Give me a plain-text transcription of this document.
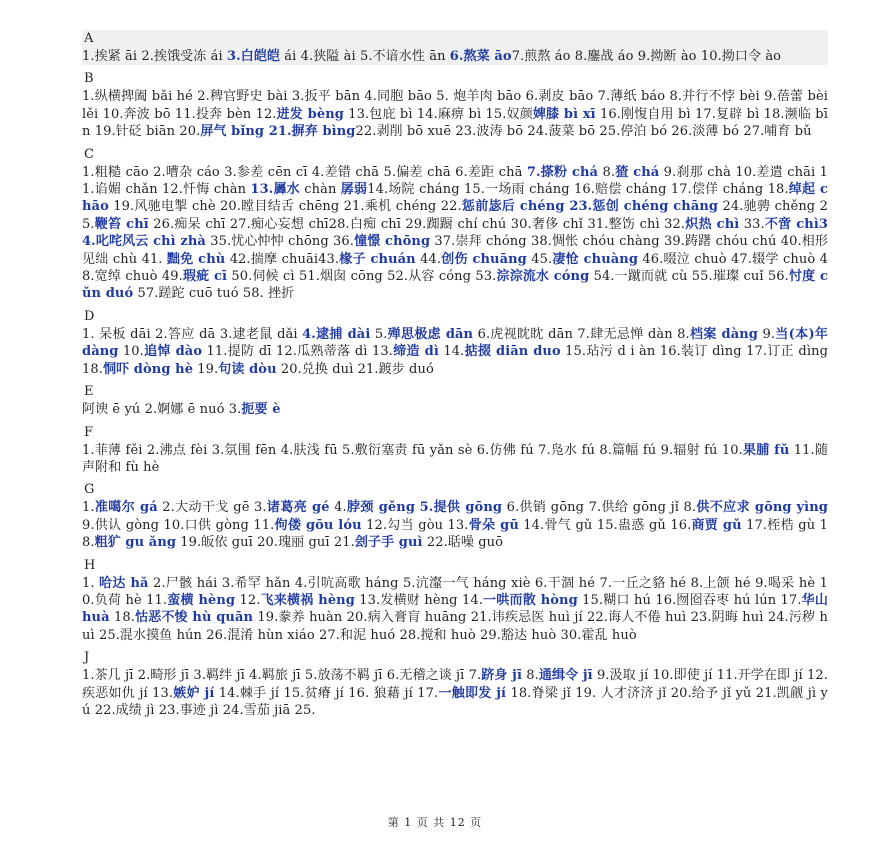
A
1.挨紧 āi 2.挨饿受冻 ái 3.白皑皑 ái 4.狭隘 ài 5.不谙水性 ān 6.熬菜 āo7.煎熬 áo 8.鏖战 áo 9.拗断 ào 10.拗口令 ào
B
1.纵横捭阖 bǎi hé 2.稗官野史 bài 3.扳平 bān 4.同胞 bāo 5. 炮羊肉 bāo 6.剥皮 bāo 7.薄纸 báo 8.并行不悖 bèi 9.蓓蕾 bèi lěi 10.奔波 bō 11.投奔 bèn 12.迸发 bèng 13.包庇 bì 14.麻痹 bì 15.奴颜婢膝 bì xī 16.刚愎自用 bì 17.复辟 bì 18.濒临 bīn 19.针砭 biān 20.屏气 bǐng 21.摒弃 bìng22.剥削 bō xuē 23.波涛 bō 24.菠菜 bō 25.停泊 bó 26.淡薄 bó 27.哺育 bǔ
C
1.粗糙 cāo 2.嘈杂 cáo 3.参差 cēn cī 4.差错 chā 5.偏差 chā 6.差距 chā 7.搽粉 chá 8.猹 chá 9.刹那 chà 10.差遣 chāi 11.谄媚 chǎn 12.忏悔 chàn 13.羼水 chàn 孱弱14.场院 cháng 15.一场雨 cháng 16.赔偿 cháng 17.偿佯 cháng 18.绰起 chāo 19.风驰电掣 chè 20.瞠目结舌 chēng 21.乘机 chéng 22.惩前毖后 chéng 23.惩创 chéng chāng 24.驰骋 chěng 25.鞭笞 chī 26.痴呆 chī 27.痴心妄想 chī28.白痴 chī 29.踟蹰 chí chú 30.奢侈 chǐ 31.整饬 chì 32.炽热 chì 33.不啻 chì34.叱咤风云 chì zhà 35.忧心忡忡 chōng 36.憧憬 chōng 37.崇拜 chóng 38.惆怅 chóu chàng 39.踌躇 chóu chú 40.相形见绌 chù 41. 黜免 chù 42.揣摩 chuāi43.椽子 chuán 44.创伤 chuāng 45.凄怆 chuàng 46.啜泣 chuò 47.辍学 chuò 48.宽绰 chuò 49.瑕疵 cī 50.伺候 cì 51.烟囱 cōng 52.从容 cóng 53.淙淙流水 cóng 54.一蹴而就 cù 55.璀璨 cuǐ 56.忖度 cǔn duó 57.蹉跎 cuō tuó 58. 挫折
D
1. 呆板 dāi 2.答应 dā 3.逮老鼠 dǎi 4.逮捕 dài 5.殚思极虑 dān 6.虎视眈眈 dān 7.肆无忌惮 dàn 8.档案 dàng 9.当(本)年 dàng 10.追悼 dào 11.提防 dī 12.瓜熟蒂落 dì 13.缔造 dì 14.掂掇 diān duo 15.玷污 d i àn 16.装订 dìng 17.订正 dìng 18.恫吓 dòng hè 19.句读 dòu 20.兑换 duì 21.踱步 duó
E
阿谀 ē yú 2.婀娜 ē nuó 3.扼要 è
F
1.菲薄 fěi 2.沸点 fèi 3.氛围 fēn 4.肤浅 fū 5.敷衍塞责 fū yǎn sè 6.仿佛 fú 7.凫水 fú 8.篇幅 fú 9.辐射 fú 10.果脯 fǔ 11.随声附和 fù hè
G
1.准噶尔 gá 2.大动干戈 gē 3.诸葛亮 gé 4.脖颈 gěng 5.提供 gōng 6.供销 gōng 7.供给 gōng jǐ 8.供不应求 gōng yìng 9.供认 gòng 10.口供 gòng 11.佝偻 gōu lóu 12.勾当 gòu 13.骨朵 gū 14.骨气 gǔ 15.蛊惑 gǔ 16.商贾 gǔ 17.桎梏 gù 18.粗犷 gu ǎng 19.皈依 guī 20.瑰丽 guī 21.刽子手 guì 22.聒噪 guō
H
1. 哈达 hǎ 2.尸骸 hái 3.希罕 hǎn 4.引吭高歌 háng 5.沆瀣一气 háng xiè 6.干涸 hé 7.一丘之貉 hé 8.上颌 hé 9.喝采 hè 10.负荷 hè 11.蛮横 hèng 12.飞来横祸 hèng 13.发横财 hèng 14.一哄而散 hòng 15.糊口 hú 16.囫囵吞枣 hú lún 17.华山 huà 18.怙恶不悛 hù quān 19.豢养 huàn 20.病入膏肓 huāng 21.讳疾忌医 huì jí 22.诲人不倦 huì 23.阴晦 huì 24.污秽 huì 25.混水摸鱼 hún 26.混淆 hùn xiáo 27.和泥 huó 28.搅和 huò 29.豁达 huò 30.霍乱 huò
J
1.茶几 jī 2.畸形 jī 3.羁绊 jī 4.羁旅 jī 5.放荡不羁 jī 6.无稽之谈 jī 7.跻身 jī 8.通缉令 jī 9.汲取 jí 10.即使 jí 11.开学在即 jí 12.疾恶如仇 jí 13.嫉妒 jí 14.棘手 jí 15.贫瘠 jí 16. 狼藉 jí 17.一触即发 jí 18.脊梁 jǐ 19. 人才济济 jǐ 20.给予 jǐ yǔ 21.凯觎 jì yú 22.成绩 jì 23.事迹 jì 24.雪茄 jiā 25.
第 1 页 共 12 页
